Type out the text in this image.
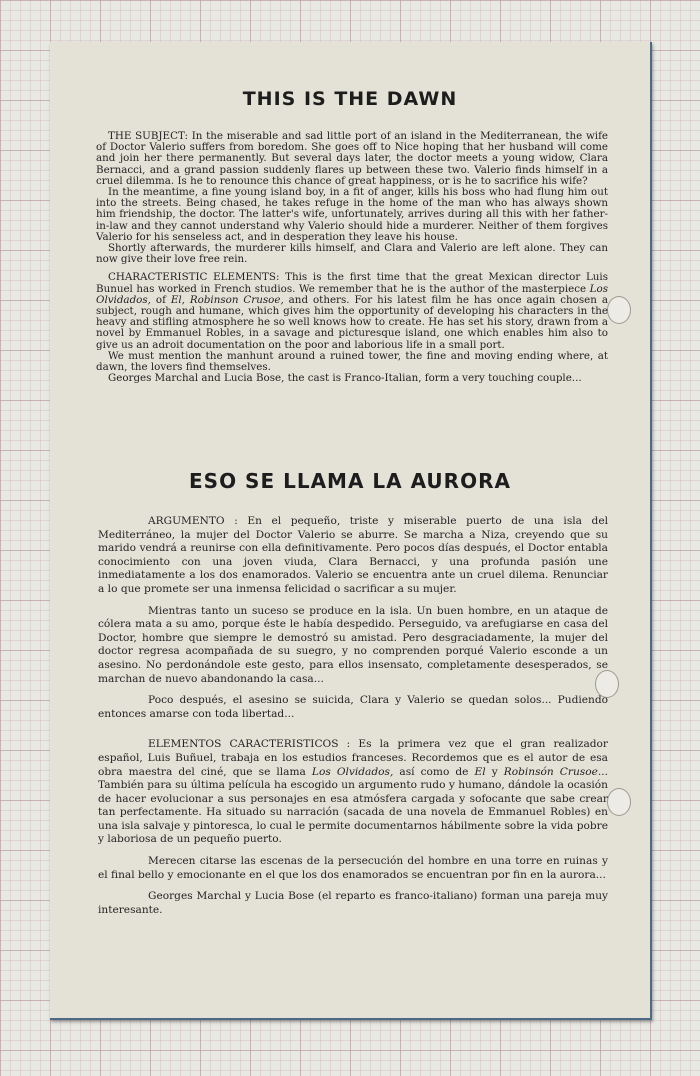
THIS IS THE DAWN

THE SUBJECT: In the miserable and sad little port of an island in the Mediterranean, the wife of Doctor Valerio suffers from boredom. She goes off to Nice hoping that her husband will come and join her there permanently. But several days later, the doctor meets a young widow, Clara Bernacci, and a grand passion suddenly flares up between these two. Valerio finds himself in a cruel dilemma. Is he to renounce this chance of great happiness, or is he to sacrifice his wife?

In the meantime, a fine young island boy, in a fit of anger, kills his boss who had flung him out into the streets. Being chased, he takes refuge in the home of the man who has always shown him friendship, the doctor. The latter's wife, unfortunately, arrives during all this with her father-in-law and they cannot understand why Valerio should hide a murderer. Neither of them forgives Valerio for his senseless act, and in desperation they leave his house.

Shortly afterwards, the murderer kills himself, and Clara and Valerio are left alone. They can now give their love free rein.

CHARACTERISTIC ELEMENTS: This is the first time that the great Mexican director Luis Bunuel has worked in French studios. We remember that he is the author of the masterpiece Los Olvidados, of El, Robinson Crusoe, and others. For his latest film he has once again chosen a subject, rough and humane, which gives him the opportunity of developing his characters in the heavy and stifling atmosphere he so well knows how to create. He has set his story, drawn from a novel by Emmanuel Robles, in a savage and picturesque island, one which enables him also to give us an adroit documentation on the poor and laborious life in a small port.

We must mention the manhunt around a ruined tower, the fine and moving ending where, at dawn, the lovers find themselves.

Georges Marchal and Lucia Bose, the cast is Franco-Italian, form a very touching couple...

ESO SE LLAMA LA AURORA

ARGUMENTO : En el pequeño, triste y miserable puerto de una isla del Mediterráneo, la mujer del Doctor Valerio se aburre. Se marcha a Niza, creyendo que su marido vendrá a reunirse con ella definitivamente. Pero pocos días después, el Doctor entabla conocimiento con una joven viuda, Clara Bernacci, y una profunda pasión une inmediatamente a los dos enamorados. Valerio se encuentra ante un cruel dilema. Renunciar a lo que promete ser una inmensa felicidad o sacrificar a su mujer.

Mientras tanto un suceso se produce en la isla. Un buen hombre, en un ataque de cólera mata a su amo, porque éste le había despedido. Perseguido, va arefugiarse en casa del Doctor, hombre que siempre le demostró su amistad. Pero desgraciadamente, la mujer del doctor regresa acompañada de su suegro, y no comprenden porqué Valerio esconde a un asesino. No perdonándole este gesto, para ellos insensato, completamente desesperados, se marchan de nuevo abandonando la casa...

Poco después, el asesino se suicida, Clara y Valerio se quedan solos... Pudiendo entonces amarse con toda libertad...

ELEMENTOS CARACTERISTICOS : Es la primera vez que el gran realizador español, Luis Buñuel, trabaja en los estudios franceses. Recordemos que es el autor de esa obra maestra del ciné, que se llama Los Olvidados, así como de El y Robinsón Crusoe... También para su última película ha escogido un argumento rudo y humano, dándole la ocasión de hacer evolucionar a sus personajes en esa atmósfera cargada y sofocante que sabe crear tan perfectamente. Ha situado su narración (sacada de una novela de Emmanuel Robles) en una isla salvaje y pintoresca, lo cual le permite documentarnos hábilmente sobre la vida pobre y laboriosa de un pequeño puerto.

Merecen citarse las escenas de la persecución del hombre en una torre en ruinas y el final bello y emocionante en el que los dos enamorados se encuentran por fin en la aurora...

Georges Marchal y Lucia Bose (el reparto es franco-italiano) forman una pareja muy interesante.
